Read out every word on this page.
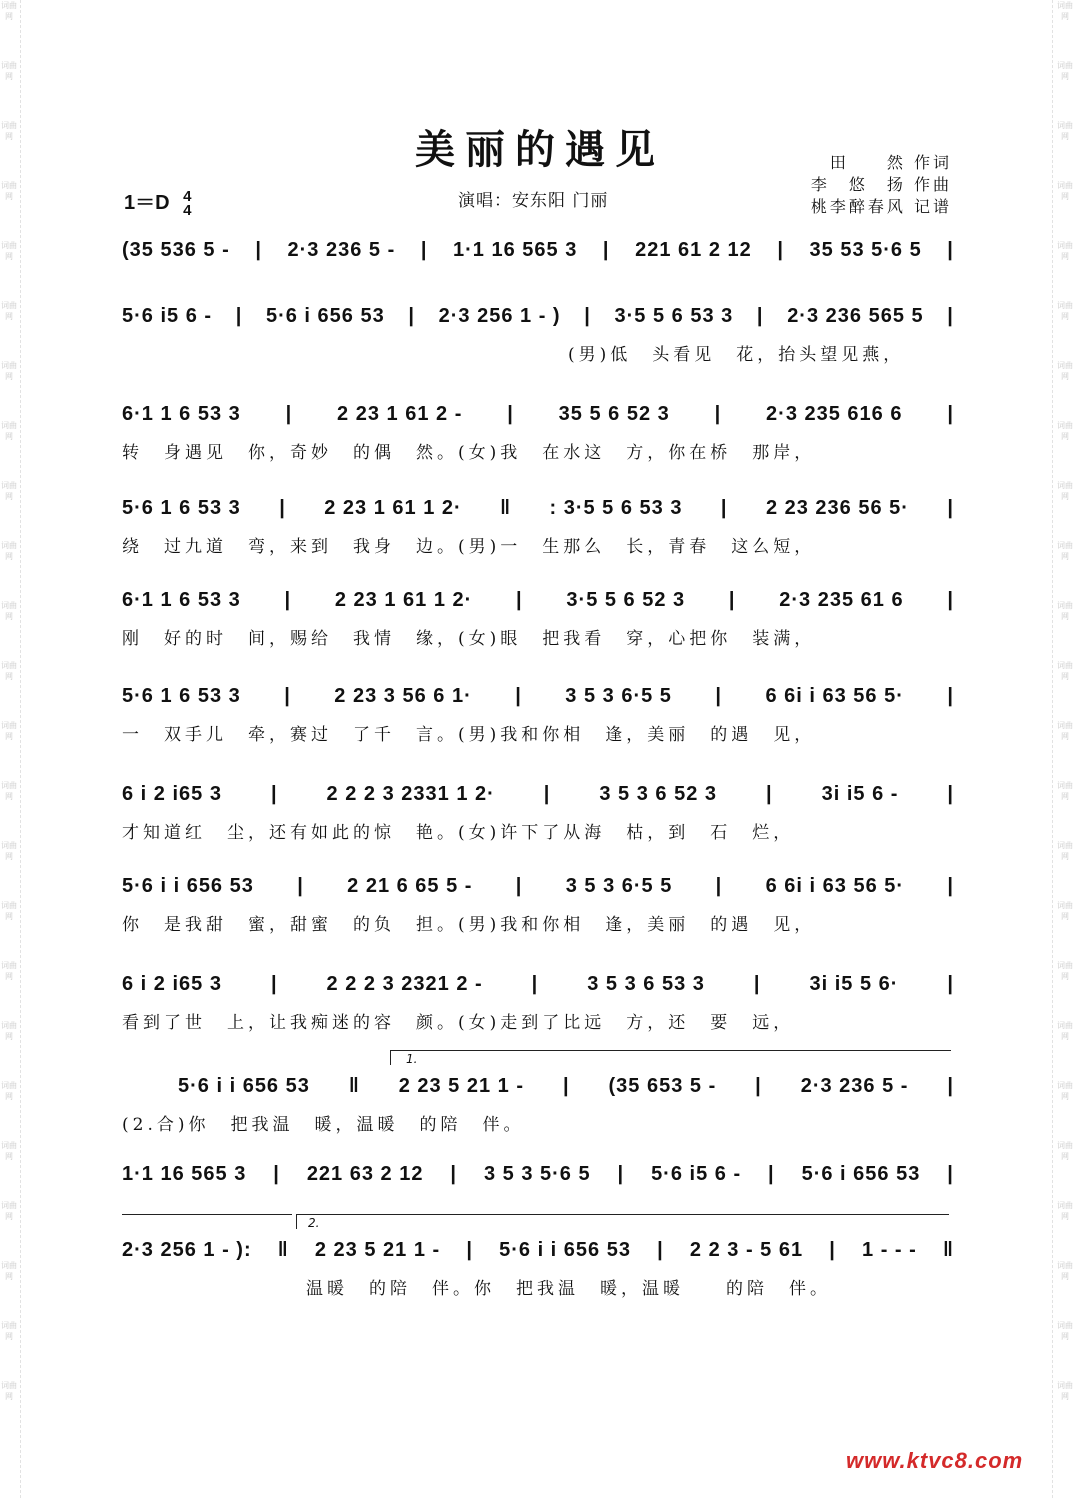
词曲网
词曲网
词曲网
词曲网
词曲网
词曲网
词曲网
词曲网
词曲网
词曲网
词曲网
词曲网
词曲网
词曲网
词曲网
词曲网
词曲网
词曲网
词曲网
词曲网
词曲网
词曲网
词曲网
词曲网
词曲网
词曲网
词曲网
词曲网
词曲网
词曲网
词曲网
词曲网
词曲网
词曲网
词曲网
词曲网
词曲网
词曲网
词曲网
词曲网
词曲网
词曲网
词曲网
词曲网
词曲网
词曲网
词曲网
词曲网
美丽的遇见	田　　然 作词
李　悠　扬 作曲
桃李醉春风 记谱
1＝D 4
4	演唱：安东阳 门丽
(35 536 5 - | 2·3 236 5 - | 1·1 16 565 3 | 221 61 2 12 | 35 53 5·6 5 |
5·6 i5 6 - | 5·6 i 656 53 | 2·3 256 1 - ) | 3·5 5 6 53 3 | 2·3 236 565 5 |
(男)低　头看见　花，抬头望见燕，
6·1 1 6 53 3 | 2 23 1 61 2 - | 35 5 6 52 3 | 2·3 235 616 6 |
转　身遇见　你，奇妙　的偶　然。(女)我　在水这　方，你在桥　那岸，
5·6 1 6 53 3 | 2 23 1 61 1 2· ‖ : 3·5 5 6 53 3 | 2 23 236 56 5· |
绕　过九道　弯，来到　我身　边。(男)一　生那么　长，青春　这么短，
6·1 1 6 53 3 | 2 23 1 61 1 2· | 3·5 5 6 52 3 | 2·3 235 61 6 |
刚　好的时　间，赐给　我情　缘，(女)眼　把我看　穿，心把你　装满，
5·6 1 6 53 3 | 2 23 3 56 6 1· | 3 5 3 6·5 5 | 6 6i i 63 56 5· |
一　双手儿　牵，赛过　了千　言。(男)我和你相　逢，美丽　的遇　见，
6 i 2 i65 3 | 2 2 2 3 2331 1 2· | 3 5 3 6 52 3 | 3i i5 6 - |
才知道红　尘，还有如此的惊　艳。(女)许下了从海　枯，到　石　烂，
5·6 i i 656 53 | 2 21 6 65 5 - | 3 5 3 6·5 5 | 6 6i i 63 56 5· |
你　是我甜　蜜，甜蜜　的负　担。(男)我和你相　逢，美丽　的遇　见，
6 i 2 i65 3 | 2 2 2 3 2321 2 - | 3 5 3 6 53 3 | 3i i5 5 6· |
看到了世　上，让我痴迷的容　颜。(女)走到了比远　方，还　要　远，
1.
5·6 i i 656 53 ‖ 2 23 5 21 1 - | (35 653 5 - | 2·3 236 5 - |
(2.合)你　把我温　暖，温暖　的陪　伴。
1·1 16 565 3 | 221 63 2 12 | 3 5 3 5·6 5 | 5·6 i5 6 - | 5·6 i 656 53 |
2.
2·3 256 1 - ): ‖ 2 23 5 21 1 - | 5·6 i i 656 53 | 2 2 3 - 5 61 | 1 - - - ‖
温暖　的陪　伴。你　把我温　暖，温暖　　的陪　伴。
www.ktvc8.com
